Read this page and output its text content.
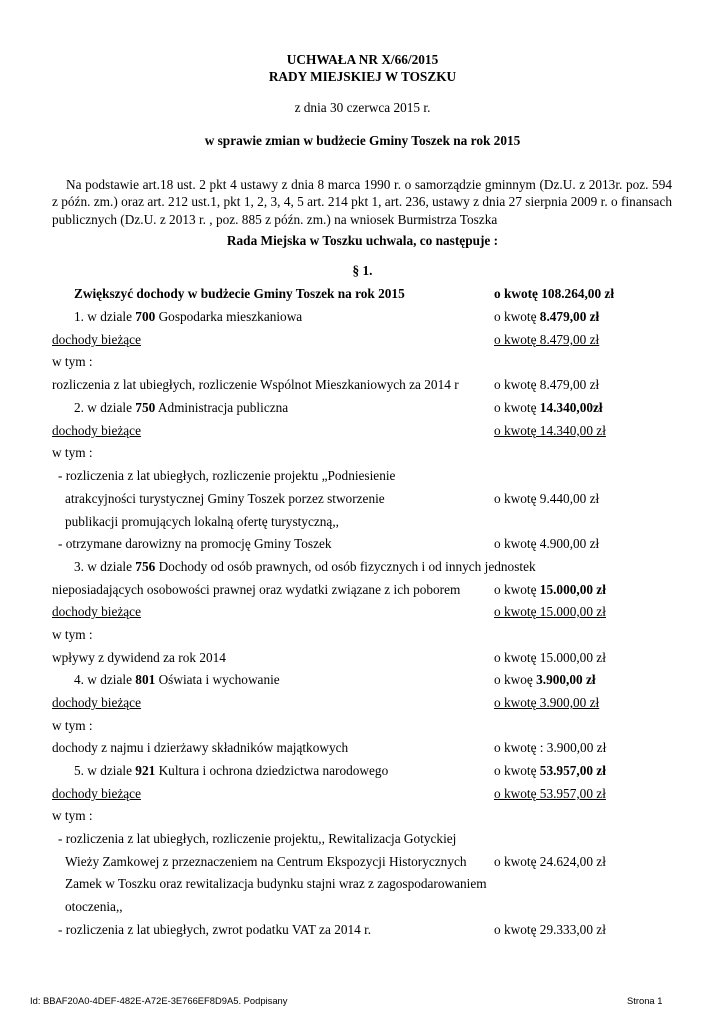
UCHWAŁA NR X/66/2015
RADY MIEJSKIEJ W TOSZKU
z dnia 30 czerwca 2015 r.
w sprawie zmian w budżecie Gminy Toszek na rok 2015
Na podstawie art.18 ust. 2 pkt 4 ustawy z dnia 8 marca 1990 r. o samorządzie gminnym (Dz.U. z 2013r. poz. 594 z późn. zm.) oraz art. 212 ust.1, pkt 1, 2, 3, 4, 5 art. 214 pkt 1, art. 236, ustawy z dnia 27 sierpnia 2009 r. o finansach publicznych (Dz.U. z 2013 r. , poz. 885 z późn. zm.) na wniosek Burmistrza Toszka
Rada Miejska w Toszku uchwala, co następuje :
§ 1.
Zwiększyć dochody w budżecie Gminy Toszek na rok 2015	o kwotę 108.264,00 zł
1. w dziale 700 Gospodarka mieszkaniowa	o kwotę 8.479,00 zł
dochody bieżące	o kwotę 8.479,00 zł
w tym :
rozliczenia z lat ubiegłych, rozliczenie Wspólnot Mieszkaniowych za 2014 r	o kwotę 8.479,00 zł
2. w dziale 750 Administracja publiczna	o kwotę 14.340,00zł
dochody bieżące	o kwotę 14.340,00 zł
w tym :
- rozliczenia z lat ubiegłych, rozliczenie projektu „Podniesienie
atrakcyjności turystycznej Gminy Toszek porzez stworzenie	o kwotę 9.440,00 zł
publikacji promujących lokalną ofertę turystyczną,,
- otrzymane darowizny na promocję Gminy Toszek	o kwotę 4.900,00 zł
3. w dziale 756 Dochody od osób prawnych, od osób fizycznych i od innych jednostek
nieposiadających osobowości prawnej oraz wydatki związane z ich poborem	o kwotę 15.000,00 zł
dochody bieżące	o kwotę 15.000,00 zł
w tym :
wpływy z dywidend za rok 2014	o kwotę 15.000,00 zł
4. w dziale 801 Oświata i wychowanie	o kwoę 3.900,00 zł
dochody bieżące	o kwotę 3.900,00 zł
w tym :
dochody z najmu i dzierżawy składników majątkowych	o kwotę : 3.900,00 zł
5. w dziale 921 Kultura i ochrona dziedzictwa narodowego	o kwotę 53.957,00 zł
dochody bieżące	o kwotę 53.957,00 zł
w tym :
- rozliczenia z lat ubiegłych, rozliczenie projektu,, Rewitalizacja Gotyckiej
Wieży Zamkowej z przeznaczeniem na Centrum Ekspozycji Historycznych o kwotę 24.624,00 zł
Zamek w Toszku oraz rewitalizacja budynku stajni wraz z zagospodarowaniem
otoczenia,,
- rozliczenia z lat ubiegłych, zwrot podatku VAT za 2014 r.	o kwotę 29.333,00 zł
Id: BBAF20A0-4DEF-482E-A72E-3E766EF8D9A5. Podpisany	Strona 1
